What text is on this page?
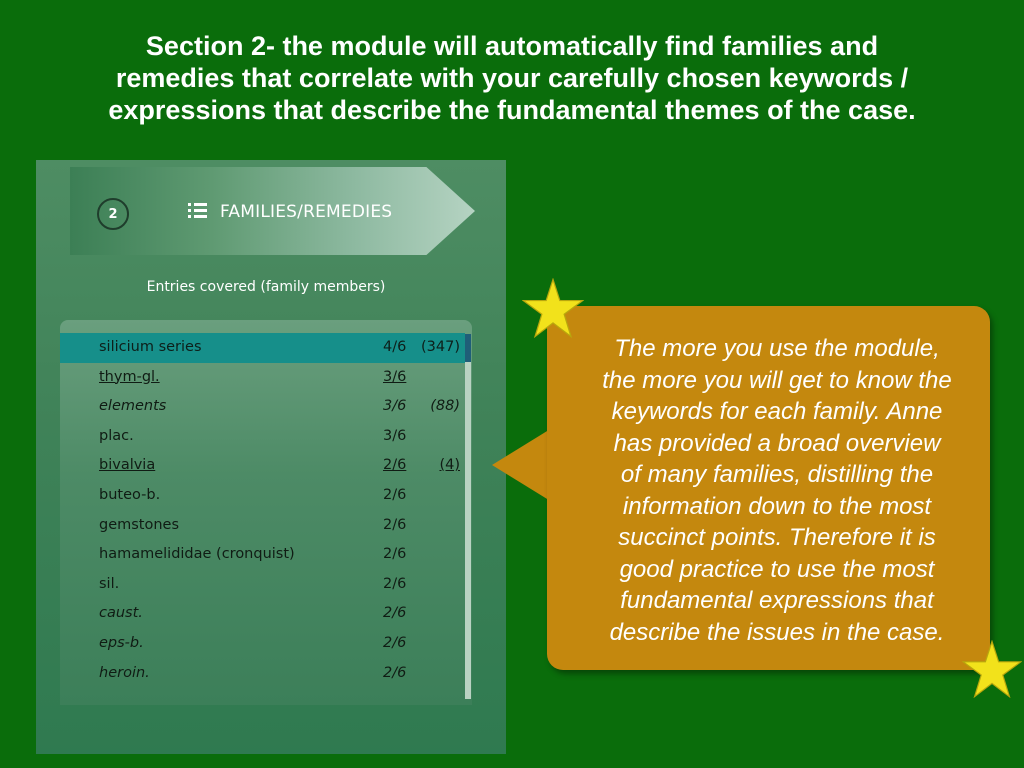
Section 2- the module will automatically find families and
remedies that correlate with your carefully chosen keywords /
expressions that describe the fundamental themes of the case.
2	FAMILIES/REMEDIES
Entries covered (family members)
silicium series	4/6 (347)
thym-gl.	3/6
elements	3/6 (88)
plac.	3/6
bivalvia	2/6 (4)
buteo-b.	2/6
gemstones	2/6
hamamelididae (cronquist)	2/6
sil.	2/6
caust.	2/6
eps-b.	2/6
heroin.	2/6
The more you use the module,
the more you will get to know the
keywords for each family. Anne
has provided a broad overview
of many families, distilling the
information down to the most
succinct points. Therefore it is
good practice to use the most
fundamental expressions that
describe the issues in the case.
